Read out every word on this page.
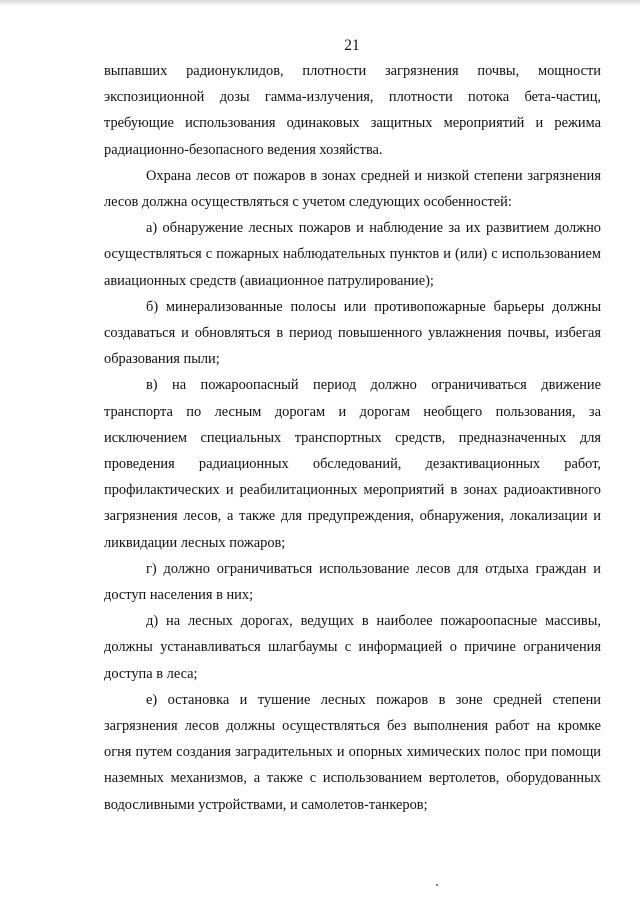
21

выпавших радионуклидов, плотности загрязнения почвы, мощности экспозиционной дозы гамма-излучения, плотности потока бета-частиц, требующие использования одинаковых защитных мероприятий и режима радиационно-безопасного ведения хозяйства.

Охрана лесов от пожаров в зонах средней и низкой степени загрязнения лесов должна осуществляться с учетом следующих особенностей:

а) обнаружение лесных пожаров и наблюдение за их развитием должно осуществляться с пожарных наблюдательных пунктов и (или) с использованием авиационных средств (авиационное патрулирование);

б) минерализованные полосы или противопожарные барьеры должны создаваться и обновляться в период повышенного увлажнения почвы, избегая образования пыли;

в) на пожароопасный период должно ограничиваться движение транспорта по лесным дорогам и дорогам необщего пользования, за исключением специальных транспортных средств, предназначенных для проведения радиационных обследований, дезактивационных работ, профилактических и реабилитационных мероприятий в зонах радиоактивного загрязнения лесов, а также для предупреждения, обнаружения, локализации и ликвидации лесных пожаров;

г) должно ограничиваться использование лесов для отдыха граждан и доступ населения в них;

д) на лесных дорогах, ведущих в наиболее пожароопасные массивы, должны устанавливаться шлагбаумы с информацией о причине ограничения доступа в леса;

е) остановка и тушение лесных пожаров в зоне средней степени загрязнения лесов должны осуществляться без выполнения работ на кромке огня путем создания заградительных и опорных химических полос при помощи наземных механизмов, а также с использованием вертолетов, оборудованных водосливными устройствами, и самолетов-танкеров;
